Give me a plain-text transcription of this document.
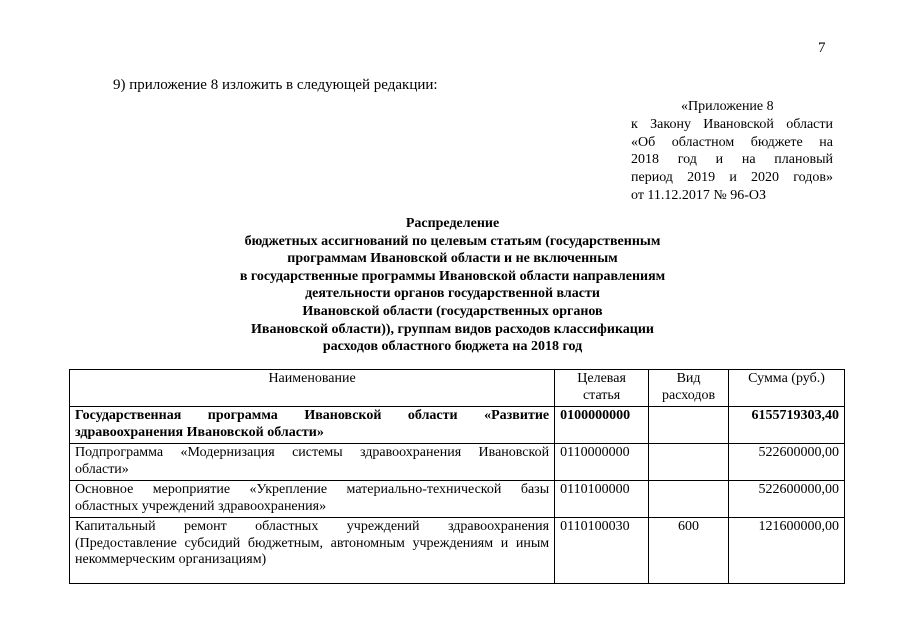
7
9) приложение 8 изложить в следующей редакции:
«Приложение 8
к Закону Ивановской области
«Об областном бюджете на
2018 год и на плановый
период 2019 и 2020 годов»
от 11.12.2017 № 96-ОЗ
Распределение
бюджетных ассигнований по целевым статьям (государственным
программам Ивановской области и не включенным
в государственные программы Ивановской области направлениям
деятельности органов государственной власти
Ивановской области (государственных органов
Ивановской области)), группам видов расходов классификации
расходов областного бюджета на 2018 год
Наименование	Целевая статья	Вид расходов	Сумма (руб.)
Государственная программа Ивановской области «Развитие здравоохранения Ивановской области»	0100000000		6155719303,40
Подпрограмма «Модернизация системы здравоохранения Ивановской области»	0110000000		522600000,00
Основное мероприятие «Укрепление материально-технической базы областных учреждений здравоохранения»	0110100000		522600000,00
Капитальный ремонт областных учреждений здравоохранения (Предоставление субсидий бюджетным, автономным учреждениям и иным некоммерческим организациям)	0110100030	600	121600000,00
